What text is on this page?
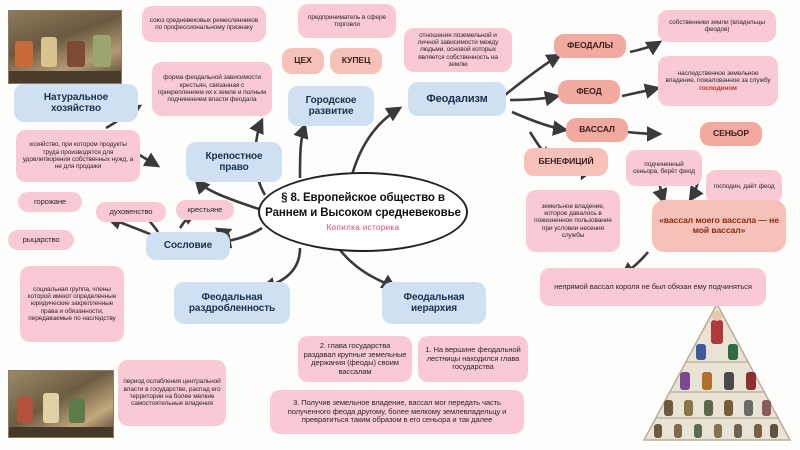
§ 8. Европейское общество в Раннем и Высоком средневековье
Копилка историка
Натуральное хозяйство
хозяйство, при котором продукты труда производятся для удовлетворения собственных нужд, а не для продажи
Крепостное право
форма феодальной зависимости крестьян, связанная с прикреплением их к земле и полным подчинением власти феодала	Городское развитие
ЦЕХ
союз средневековых ремесленников по профессиональному признаку
КУПЕЦ
предприниматель в сфере торговли
Феодализм
отношения поземельной и личной зависимости между людьми, основой которых является собственность на землю
ФЕОДАЛЫ
собственники земли (владельцы феодов)
ФЕОД
наследственное земельное владение, пожалованное за службу господином
ВАССАЛ	СЕНЬОР
господин, даёт феод
подчиненный сеньора, берёт феод
БЕНЕФИЦИЙ
земельное владение, которое давалось в пожизненное пользование при условии несения службы
«вассал моего вассала — не мой вассал»
непрямой вассал короля не был обязан ему подчиняться
Сословие
социальная группа, члены которой имеют определенные юридические закрепленные права и обязанности, передаваемые по наследству
горожане
духовенство	крестьяне
рыцарство
Феодальная раздробленность
период ослабления центральной власти в государстве, распад его территории на более мелкие самостоятельные владения
Феодальная иерархия
1. На вершине феодальной лестницы находился глава государства
2. глава государства раздавал крупные земельные держания (феоды) своим вассалам
3. Получив земельное владение, вассал мог передать часть полученного феода другому, более мелкому землевладельцу и превратиться таким образом в его сеньора и так далее
